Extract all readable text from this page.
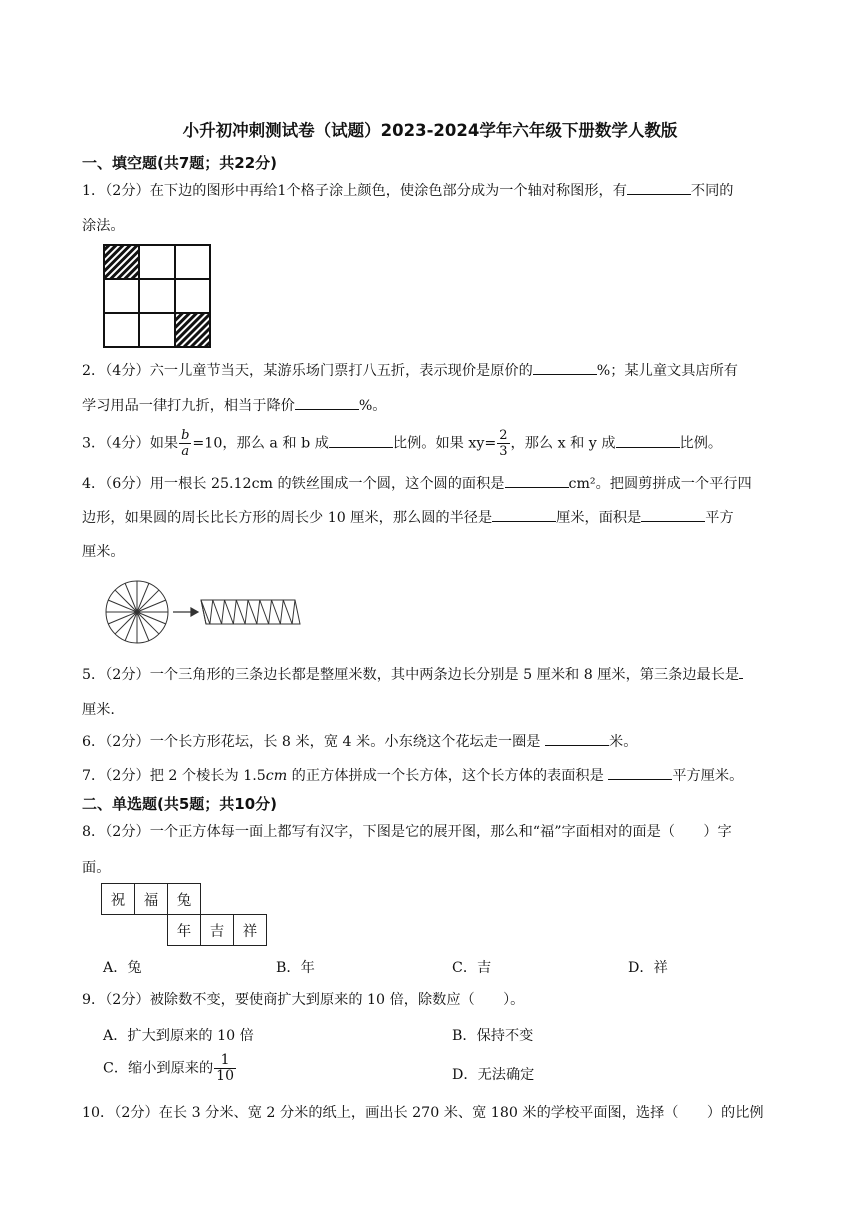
小升初冲刺测试卷（试题）2023-2024学年六年级下册数学人教版
一、填空题(共7题；共22分)
1．（2分）在下边的图形中再给1个格子涂上颜色，使涂色部分成为一个轴对称图形，有	不同的
涂法。
2．（4分）六一儿童节当天，某游乐场门票打八五折，表示现价是原价的	%；某儿童文具店所有
学习用品一律打九折，相当于降价	%。
3．（4分）如果 $\frac{b}{a} =10$，那么 a 和 b 成	比例。如果 $xy= \frac{2}{3}$ ，那么 x 和 y 成	比例。
4．（6分）用一根长 25.12cm 的铁丝围成一个圆，这个圆的面积是	cm²。把圆剪拼成一个平行四
边形，如果圆的周长比长方形的周长少 10 厘米，那么圆的半径是	厘米，面积是	平方
厘米。
5．（2分）一个三角形的三条边长都是整厘米数，其中两条边长分别是 5 厘米和 8 厘米，第三条边最长是
厘米.
6．（2分）一个长方形花坛，长 8 米，宽 4 米。小东绕这个花坛走一圈是	米。
7．（2分）把 2 个棱长为 1.5cm 的正方体拼成一个长方体，这个长方体的表面积是	平方厘米。
二、单选题(共5题；共10分)
8．（2分）一个正方体每一面上都写有汉字，下图是它的展开图，那么和“福”字面相对的面是（　　）字
面。
祝	福	兔		
		年	吉	祥
A．兔	B．年	C．吉	D．祥
9．（2分）被除数不变，要使商扩大到原来的 10 倍，除数应（　　）。
A．扩大到原来的 10 倍	B．保持不变
C．缩小到原来的 $\frac{1}{10}$	D．无法确定
10．（2分）在长 3 分米、宽 2 分米的纸上，画出长 270 米、宽 180 米的学校平面图，选择（　　）的比例
